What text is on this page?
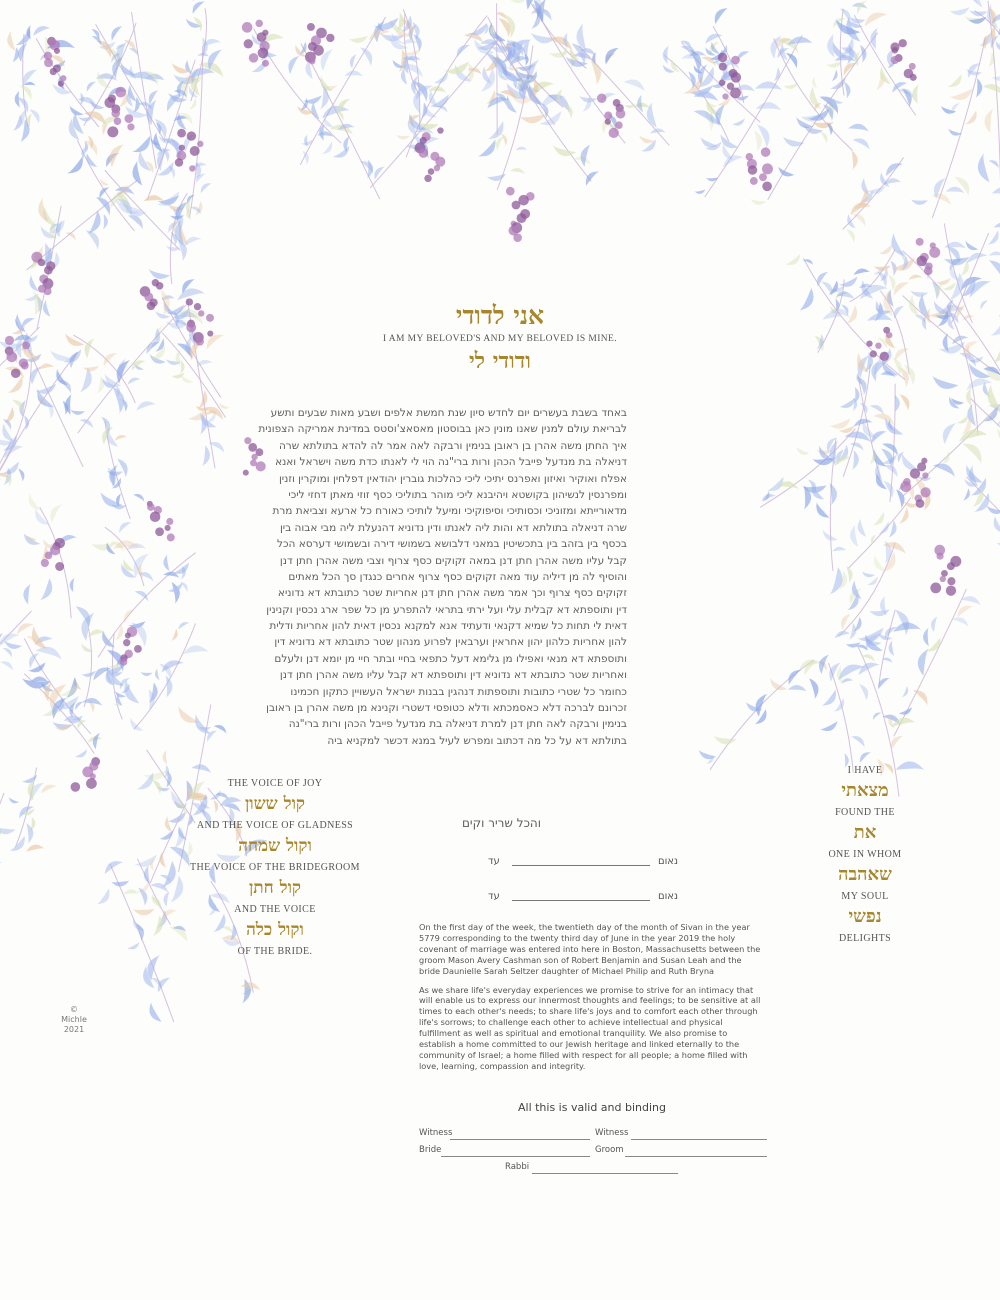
אני לדודי
I AM MY BELOVED'S AND MY BELOVED IS MINE.
ודודי לי
באחד בשבת בעשרים יום לחדש סיון שנת חמשת אלפים ושבע מאות שבעים ותשע
לבריאת עולם למנין שאנו מונין כאן בבוסטון מאסאצ'וסטס במדינת אמריקה הצפונית
איך החתן משה אהרן בן ראובן בנימין ורבקה לאה אמר לה להדא בתולתא שרה
דניאלה בת מנדעל פייבל הכהן ורות ברי"נה הוי לי לאנתו כדת משה וישראל ואנא
אפלח ואוקיר ואיזון ואפרנס יתיכי ליכי כהלכות גוברין יהודאין דפלחין ומוקרין וזנין
ומפרנסין לנשיהון בקושטא ויהיבנא ליכי מוהר בתוליכי כסף זוזי מאתן דחזי ליכי
מדאורייתא ומזוניכי וכסותיכי וסיפוקיכי ומיעל לותיכי כאורח כל ארעא וצביאת מרת
שרה דניאלה בתולתא דא והות ליה לאנתו ודין נדוניא דהנעלת ליה מבי אבוה בין
בכסף בין בזהב בין בתכשיטין במאני דלבושא בשמושי דירה ובשמושי דערסא הכל
קבל עליו משה אהרן חתן דנן במאה זקוקים כסף צרוף וצבי משה אהרן חתן דנן
והוסיף לה מן דיליה עוד מאה זקוקים כסף צרוף אחרים כנגדן סך הכל מאתים
זקוקים כסף צרוף וכך אמר משה אהרן חתן דנן אחריות שטר כתובתא דא נדוניא
דין ותוספתא דא קבלית עלי ועל ירתי בתראי להתפרע מן כל שפר ארג נכסין וקנינין
דאית לי תחות כל שמיא דקנאי ודעתיד אנא למקנא נכסין דאית להון אחריות ודלית
להון אחריות כלהון יהון אחראין וערבאין לפרוע מנהון שטר כתובתא דא נדוניא דין
ותוספתא דא מנאי ואפילו מן גלימא דעל כתפאי בחיי ובתר חיי מן יומא דנן ולעלם
ואחריות שטר כתובתא דא נדוניא דין ותוספתא דא קבל עליו משה אהרן חתן דנן
כחומר כל שטרי כתובות ותוספתות דנהגין בבנות ישראל העשויין כתקון חכמינו
זכרונם לברכה דלא כאסמכתא ודלא כטופסי דשטרי וקנינא מן משה אהרן בן ראובן
בנימין ורבקה לאה חתן דנן למרת דניאלה בת מנדעל פייבל הכהן ורות ברי"נה
בתולתא דא על כל מה דכתוב ומפרש לעיל במנא דכשר למקניא ביה
והכל שריר וקים
עד	נאום
עד	נאום

On the first day of the week, the twentieth day of the month of Sivan in the year 5779 corresponding to the twenty third day of June in the year 2019 the holy covenant of marriage was entered into here in Boston, Massachusetts between the groom Mason Avery Cashman son of Robert Benjamin and Susan Leah and the bride Daunielle Sarah Seltzer daughter of Michael Philip and Ruth Bryna

As we share life's everyday experiences we promise to strive for an intimacy that will enable us to express our innermost thoughts and feelings; to be sensitive at all times to each other's needs; to share life's joys and to comfort each other through life's sorrows; to challenge each other to achieve intellectual and physical fulfillment as well as spiritual and emotional tranquility. We also promise to establish a home committed to our Jewish heritage and linked eternally to the community of Israel; a home filled with respect for all people; a home filled with love, learning, compassion and integrity.

All this is valid and binding
Witness	Witness
Bride	Groom
Rabbi
THE VOICE OF JOY
קול ששון
AND THE VOICE OF GLADNESS
וקול שמחה
THE VOICE OF THE BRIDEGROOM
קול חתן
AND THE VOICE
וקול כלה
OF THE BRIDE.
I HAVE
מצאתי
FOUND THE
את
ONE IN WHOM
שאהבה
MY SOUL
נפשי
DELIGHTS
©
Michle
2021
